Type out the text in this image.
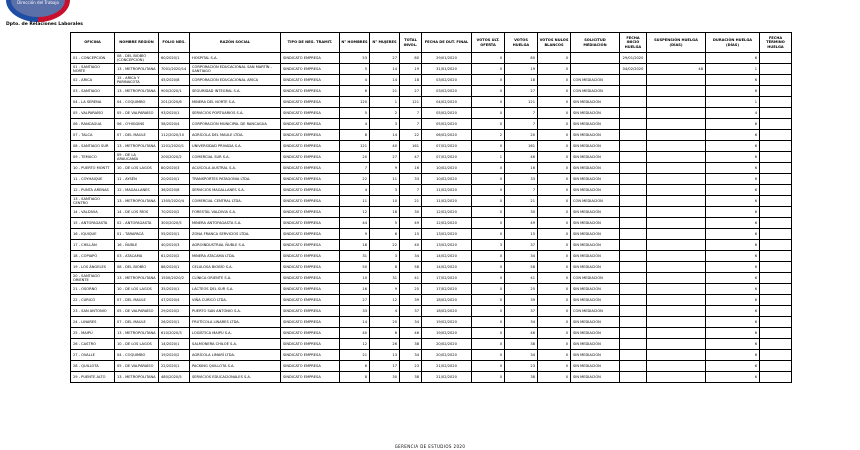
Dirección del Trabajo
Dpto. de Relaciones Laborales
OFICINA	NOMBRE REGIÓN	FOLIO NEG.	RAZÓN SOCIAL	TIPO DE NEG. TRAMIT.	N° HOMBRES	N° MUJERES	TOTAL INVOL.	FECHA DE DUT. FINAL	VOTOS ÚLT. OFERTA	VOTOS HUELGA	VOTOS NULOS BLANCOS	SOLICITUD MEDIACIÓN	FECHA INICIO HUELGA	SUSPENSIÓN HUELGA (DÍAS)	DURACIÓN HUELGA (DÍAS)	FECHA TÉRMINO HUELGA
01 - CONCEPCIÓN	08 - DEL BIOBÍO (CONCEPCIÓN)	60/2020/1	HOSPITAL S.A.	SINDICATO EMPRESA	53	27	80	29/01/2020	0	80	0		29/01/2020		6	
01 - SANTIAGO NORTE	13 - METROPOLITANA	7001/2020/14	CORPORACIÓN EDUCACIONAL SAN MARTÍN - SANTIAGO	SINDICATO EMPRESA	5	14	19	31/01/2020	0	19	0		04/02/2020	48	1	
02 - ARICA	15 - ARICA Y PARINACOTA	45/2020/8	CORPORACIÓN EDUCACIONAL ARICA	SINDICATO EMPRESA	4	14	18	03/02/2020	0	18	0	CON MEDIACIÓN			6	
03 - SANTIAGO	13 - METROPOLITANA	900/2020/1	SEGURIDAD INTEGRAL S.A.	SINDICATO EMPRESA	6	21	27	03/02/2020	0	27	0	CON MEDIACIÓN			6	
04 - LA SERENA	04 - COQUIMBO	201/2020/6	MINERA DEL NORTE S.A.	SINDICATO EMPRESA	120	1	121	04/02/2020	0	121	0	SIN MEDIACIÓN			1	
05 - VALPARAÍSO	05 - DE VALPARAÍSO	93/2020/1	SERVICIOS PORTUARIOS S.A.	SINDICATO EMPRESA	5	2	7	05/02/2020	0	7	0	SIN MEDIACIÓN			4	
06 - RANCAGUA	06 - O'HIGGINS	58/2020/4	CORPORACIÓN MUNICIPAL DE RANCAGUA	SINDICATO EMPRESA	4	3	7	05/02/2020	0	7	0	SIN MEDIACIÓN			6	
07 - TALCA	07 - DEL MAULE	112/2020/10	AGRÍCOLA DEL MAULE LTDA.	SINDICATO EMPRESA	8	14	22	06/02/2020	2	20	0	SIN MEDIACIÓN			6	
08 - SANTIAGO SUR	13 - METROPOLITANA	1201/2020/1	UNIVERSIDAD PRIVADA S.A.	SINDICATO EMPRESA	121	40	161	07/02/2020	0	161	0	SIN MEDIACIÓN			6	
09 - TEMUCO	09 - DE LA ARAUCANÍA	200/2020/2	COMERCIAL SUR S.A.	SINDICATO EMPRESA	20	27	47	07/02/2020	1	46	0	SIN MEDIACIÓN			6	
10 - PUERTO MONTT	10 - DE LOS LAGOS	80/2020/3	ACUÍCOLA AUSTRAL S.A.	SINDICATO EMPRESA	7	9	16	10/02/2020	0	16	0	SIN MEDIACIÓN			6	
11 - COYHAIQUE	11 - AYSÉN	20/2020/1	TRANSPORTES PATAGONIA LTDA.	SINDICATO EMPRESA	22	11	33	10/02/2020	0	33	0	SIN MEDIACIÓN			6	
12 - PUNTA ARENAS	12 - MAGALLANES	36/2020/8	SERVICIOS MAGALLANES S.A.	SINDICATO EMPRESA	4	3	7	11/02/2020	0	7	0	SIN MEDIACIÓN			6	
13 - SANTIAGO CENTRO	13 - METROPOLITANA	1305/2020/4	COMERCIAL CENTRAL LTDA.	SINDICATO EMPRESA	11	10	21	11/02/2020	0	21	0	CON MEDIACIÓN			6	
14 - VALDIVIA	14 - DE LOS RÍOS	70/2020/2	FORESTAL VALDIVIA S.A.	SINDICATO EMPRESA	12	18	30	12/02/2020	0	30	0	SIN MEDIACIÓN			6	
15 - ANTOFAGASTA	02 - ANTOFAGASTA	300/2020/5	MINERA ANTOFAGASTA S.A.	SINDICATO EMPRESA	44	5	49	12/02/2020	0	49	0	SIN MEDIACIÓN			6	
16 - IQUIQUE	01 - TARAPACÁ	55/2020/1	ZONA FRANCA SERVICIOS LTDA.	SINDICATO EMPRESA	9	6	15	13/02/2020	0	15	0	SIN MEDIACIÓN			6	
17 - CHILLÁN	16 - ÑUBLE	40/2020/3	AGROINDUSTRIAL ÑUBLE S.A.	SINDICATO EMPRESA	18	22	40	13/02/2020	3	37	0	SIN MEDIACIÓN			6	
18 - COPIAPÓ	03 - ATACAMA	61/2020/2	MINERA ATACAMA LTDA.	SINDICATO EMPRESA	31	3	34	14/02/2020	0	34	0	SIN MEDIACIÓN			6	
19 - LOS ÁNGELES	08 - DEL BIOBÍO	88/2020/1	CELULOSA BIOBÍO S.A.	SINDICATO EMPRESA	50	8	58	14/02/2020	0	58	0	SIN MEDIACIÓN			6	
20 - SANTIAGO ORIENTE	13 - METROPOLITANA	1500/2020/2	CLÍNICA ORIENTE S.A.	SINDICATO EMPRESA	10	31	41	17/02/2020	0	41	0	CON MEDIACIÓN			6	
21 - OSORNO	10 - DE LOS LAGOS	35/2020/1	LÁCTEOS DEL SUR S.A.	SINDICATO EMPRESA	16	9	25	17/02/2020	0	25	0	SIN MEDIACIÓN			6	
22 - CURICÓ	07 - DEL MAULE	47/2020/4	VIÑA CURICÓ LTDA.	SINDICATO EMPRESA	27	12	39	18/02/2020	0	39	0	SIN MEDIACIÓN			6	
23 - SAN ANTONIO	05 - DE VALPARAÍSO	29/2020/2	PUERTO SAN ANTONIO S.A.	SINDICATO EMPRESA	33	4	37	18/02/2020	0	37	0	CON MEDIACIÓN			6	
24 - LINARES	07 - DEL MAULE	26/2020/1	FRUTÍCOLA LINARES LTDA.	SINDICATO EMPRESA	14	20	34	19/02/2020	0	34	0	SIN MEDIACIÓN			6	
25 - MAIPÚ	13 - METROPOLITANA	610/2020/3	LOGÍSTICA MAIPÚ S.A.	SINDICATO EMPRESA	40	6	46	19/02/2020	0	46	0	SIN MEDIACIÓN			6	
26 - CASTRO	10 - DE LOS LAGOS	14/2020/1	SALMONERA CHILOÉ S.A.	SINDICATO EMPRESA	12	26	38	20/02/2020	0	38	0	SIN MEDIACIÓN			6	
27 - OVALLE	04 - COQUIMBO	19/2020/2	AGRÍCOLA LIMARÍ LTDA.	SINDICATO EMPRESA	21	13	34	20/02/2020	0	34	0	SIN MEDIACIÓN			6	
28 - QUILLOTA	05 - DE VALPARAÍSO	22/2020/1	PACKING QUILLOTA S.A.	SINDICATO EMPRESA	6	17	23	21/02/2020	0	23	0	SIN MEDIACIÓN			6	
29 - PUENTE ALTO	13 - METROPOLITANA	480/2020/5	SERVICIOS EDUCACIONALES S.A.	SINDICATO EMPRESA	8	30	38	21/02/2020	0	38	0	SIN MEDIACIÓN			6	
GERENCIA DE ESTUDIOS 2020
